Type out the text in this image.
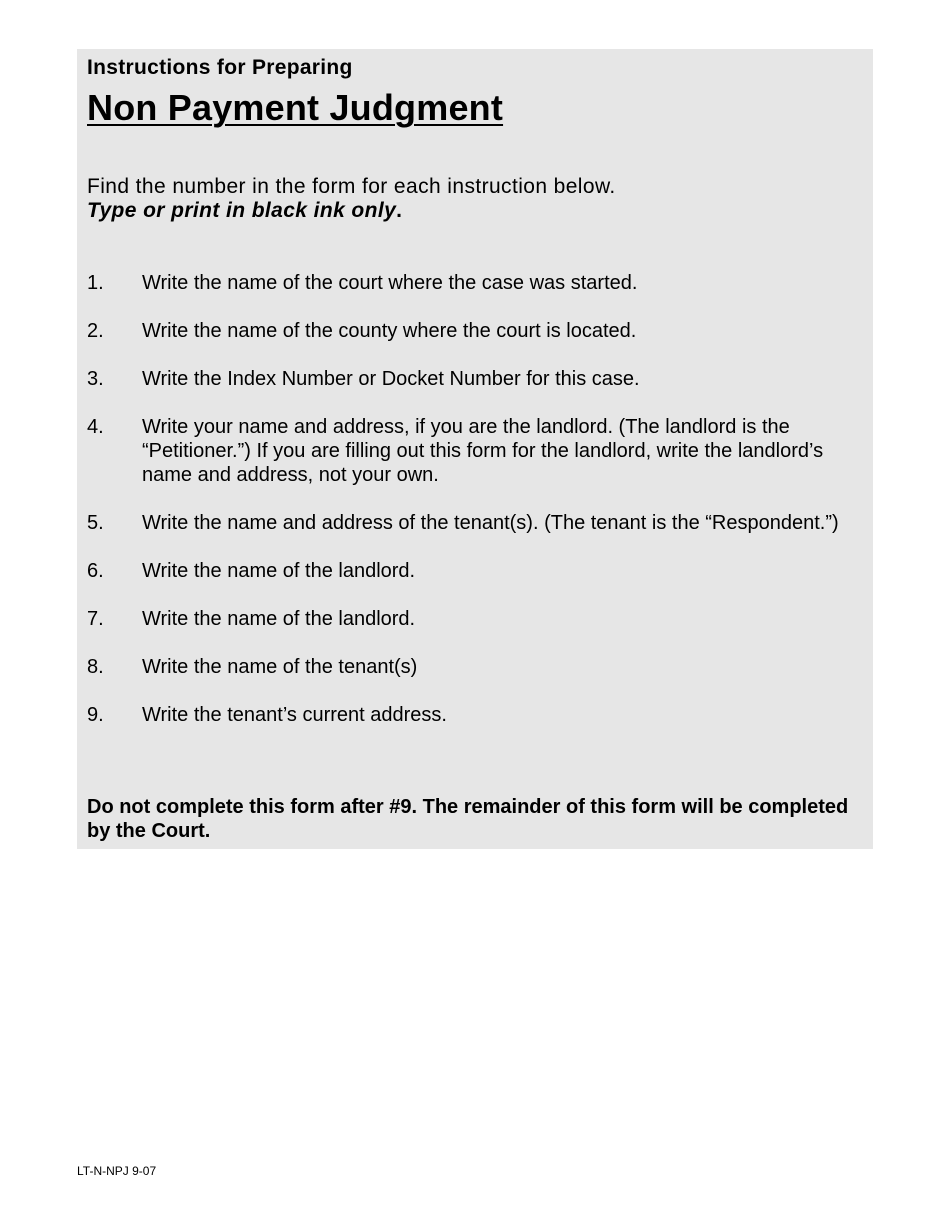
Instructions for Preparing

Non Payment Judgment
Find the number in the form for each instruction below.
Type or print in black ink only.
1. Write the name of the court where the case was started.
2. Write the name of the county where the court is located.
3. Write the Index Number or Docket Number for this case.
4. Write your name and address, if you are the landlord. (The landlord is the “Petitioner.”) If you are filling out this form for the landlord, write the landlord’s name and address, not your own.
5. Write the name and address of the tenant(s). (The tenant is the “Respondent.”)
6. Write the name of the landlord.
7. Write the name of the landlord.
8. Write the name of the tenant(s)
9. Write the tenant’s current address.
Do not complete this form after #9. The remainder of this form will be completed by the Court.
LT-N-NPJ 9-07
